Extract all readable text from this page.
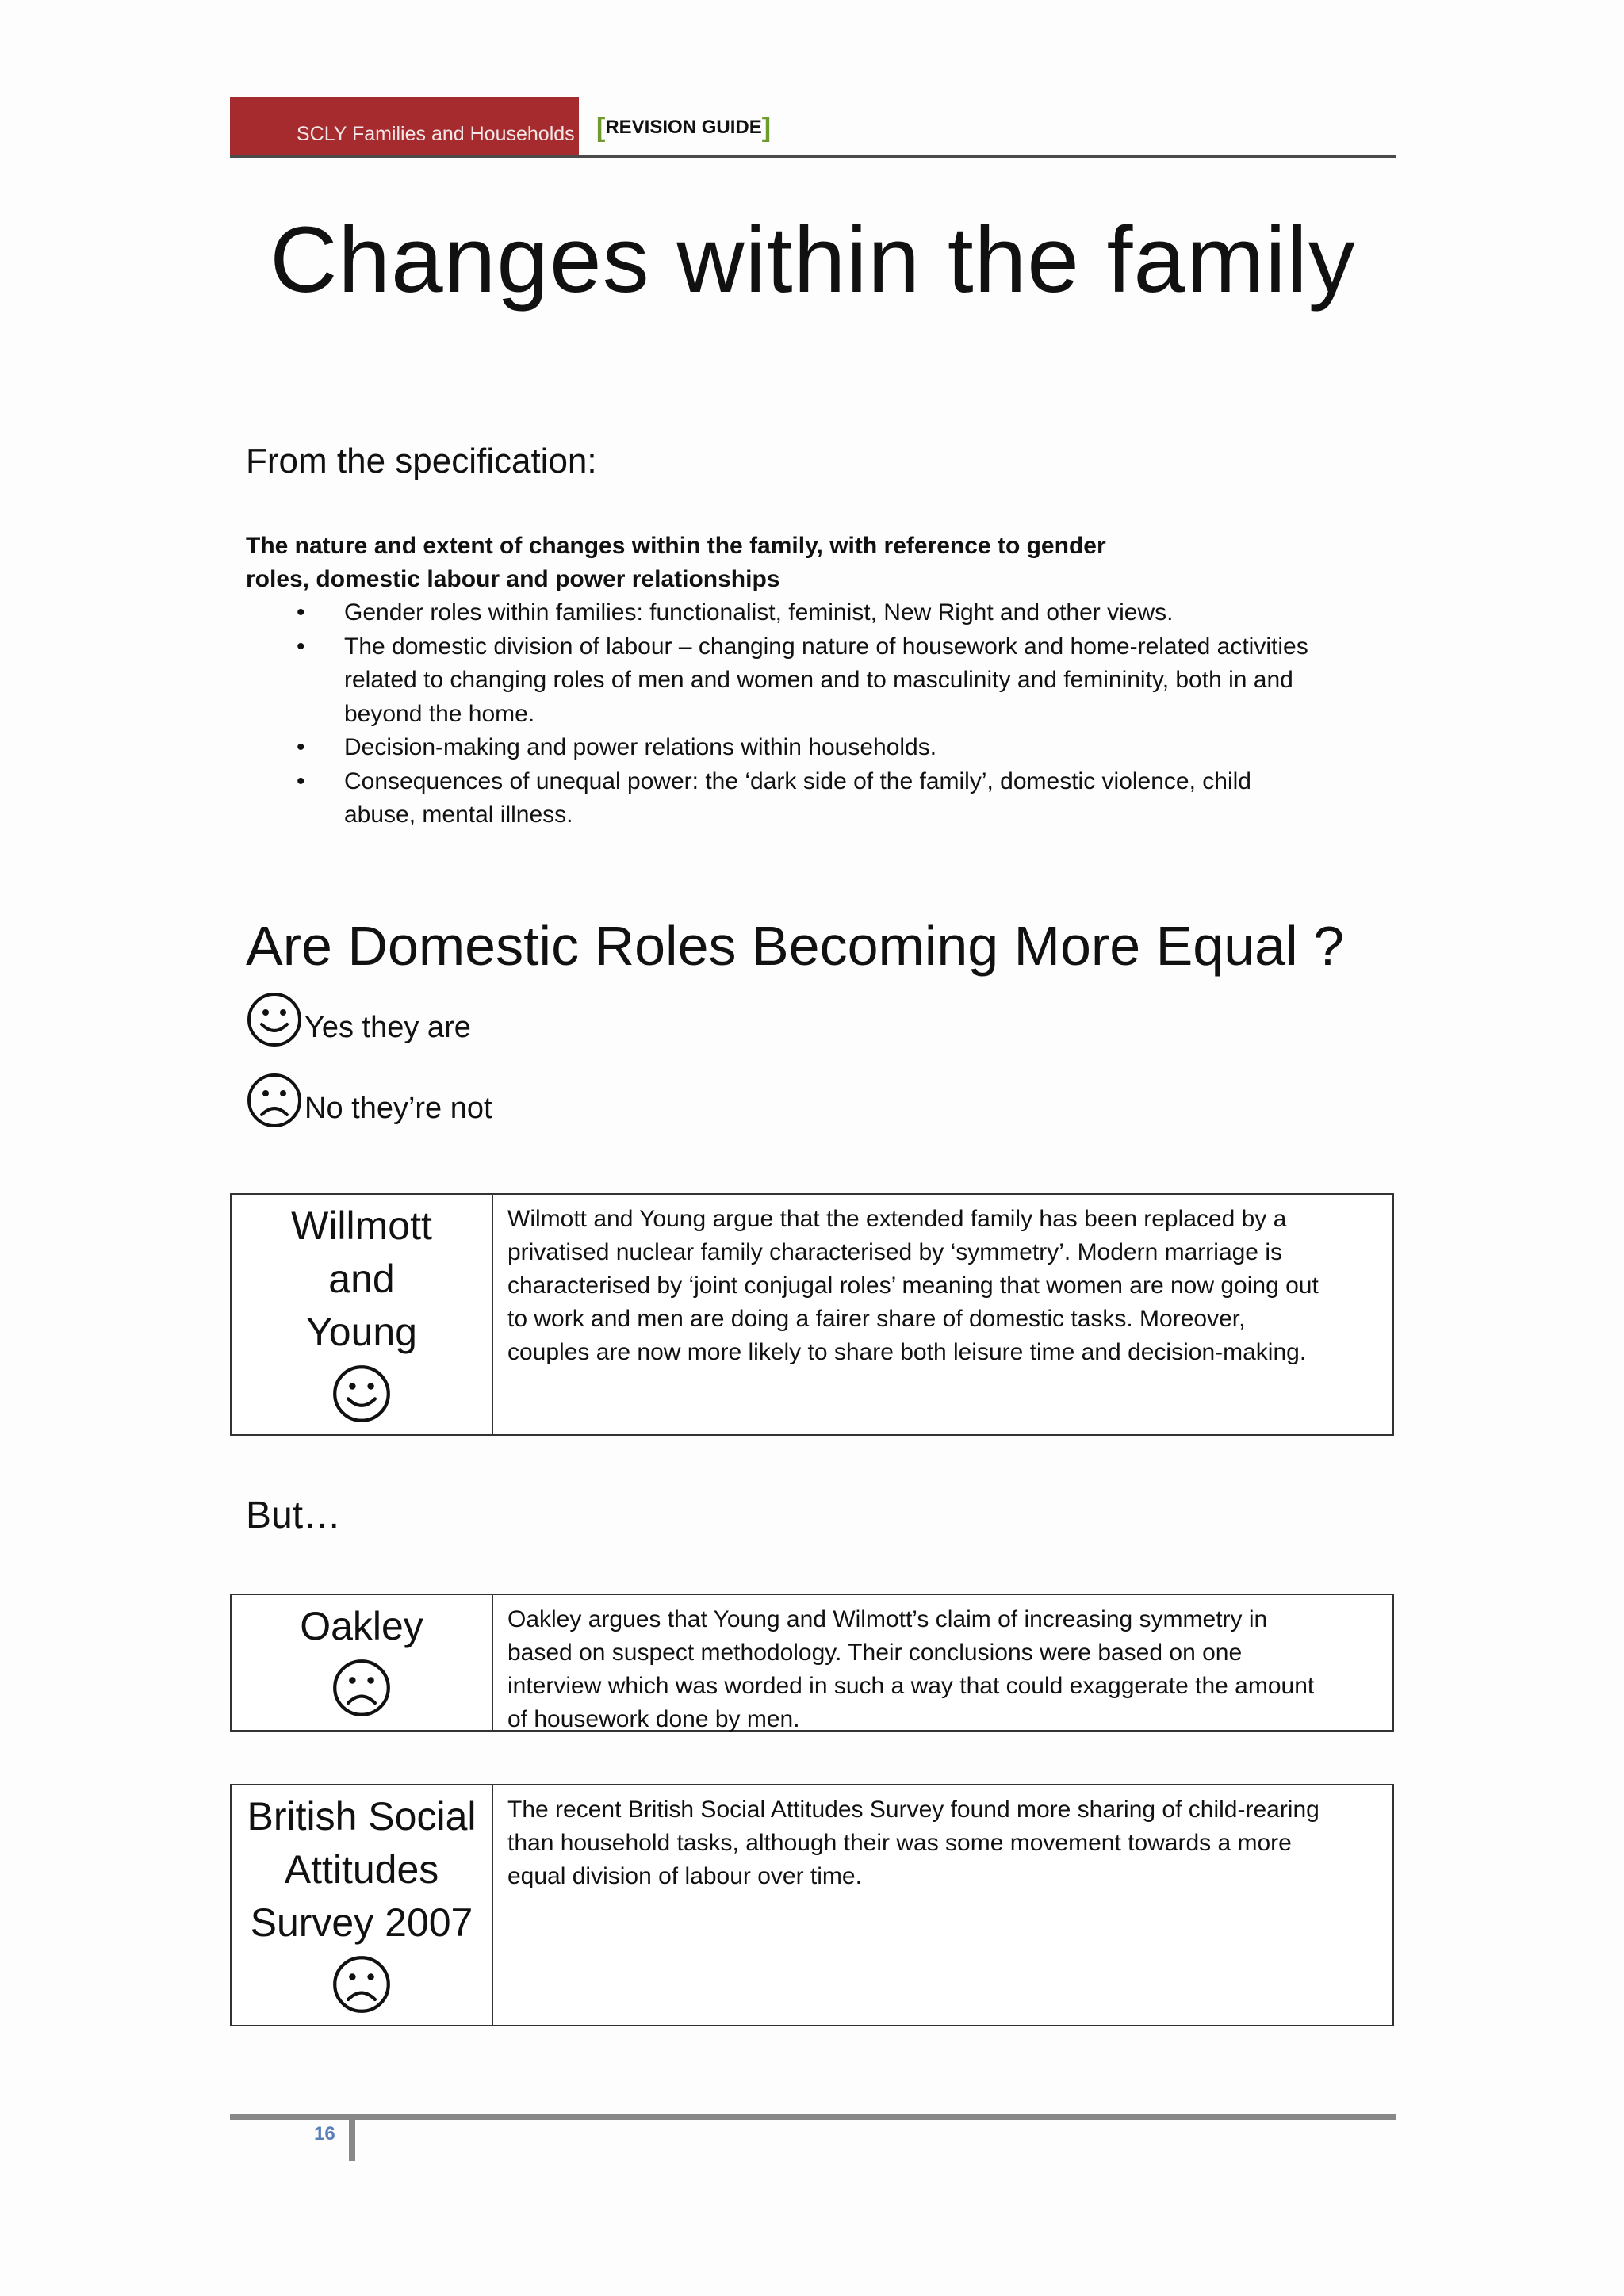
SCLY Families and Households [ REVISION GUIDE ]
Changes within the family
From the specification:
The nature and extent of changes within the family, with reference to gender
roles, domestic labour and power relationships
• Gender roles within families: functionalist, feminist, New Right and other views.
• The domestic division of labour – changing nature of housework and home-related activities
related to changing roles of men and women and to masculinity and femininity, both in and
beyond the home.
• Decision-making and power relations within households.
• Consequences of unequal power: the ‘dark side of the family’, domestic violence, child
abuse, mental illness.
Are Domestic Roles Becoming More Equal ?
Yes they are
No they’re not
Willmott
and
Young
Wilmott and Young argue that the extended family has been replaced by a
privatised nuclear family characterised by ‘symmetry’. Modern marriage is
characterised by ‘joint conjugal roles’ meaning that women are now going out
to work and men are doing a fairer share of domestic tasks. Moreover,
couples are now more likely to share both leisure time and decision-making.
But…
Oakley	Oakley argues that Young and Wilmott’s claim of increasing symmetry in
based on suspect methodology. Their conclusions were based on one
interview which was worded in such a way that could exaggerate the amount
of housework done by men.
British Social
Attitudes
Survey 2007
The recent British Social Attitudes Survey found more sharing of child-rearing
than household tasks, although their was some movement towards a more
equal division of labour over time.
16
